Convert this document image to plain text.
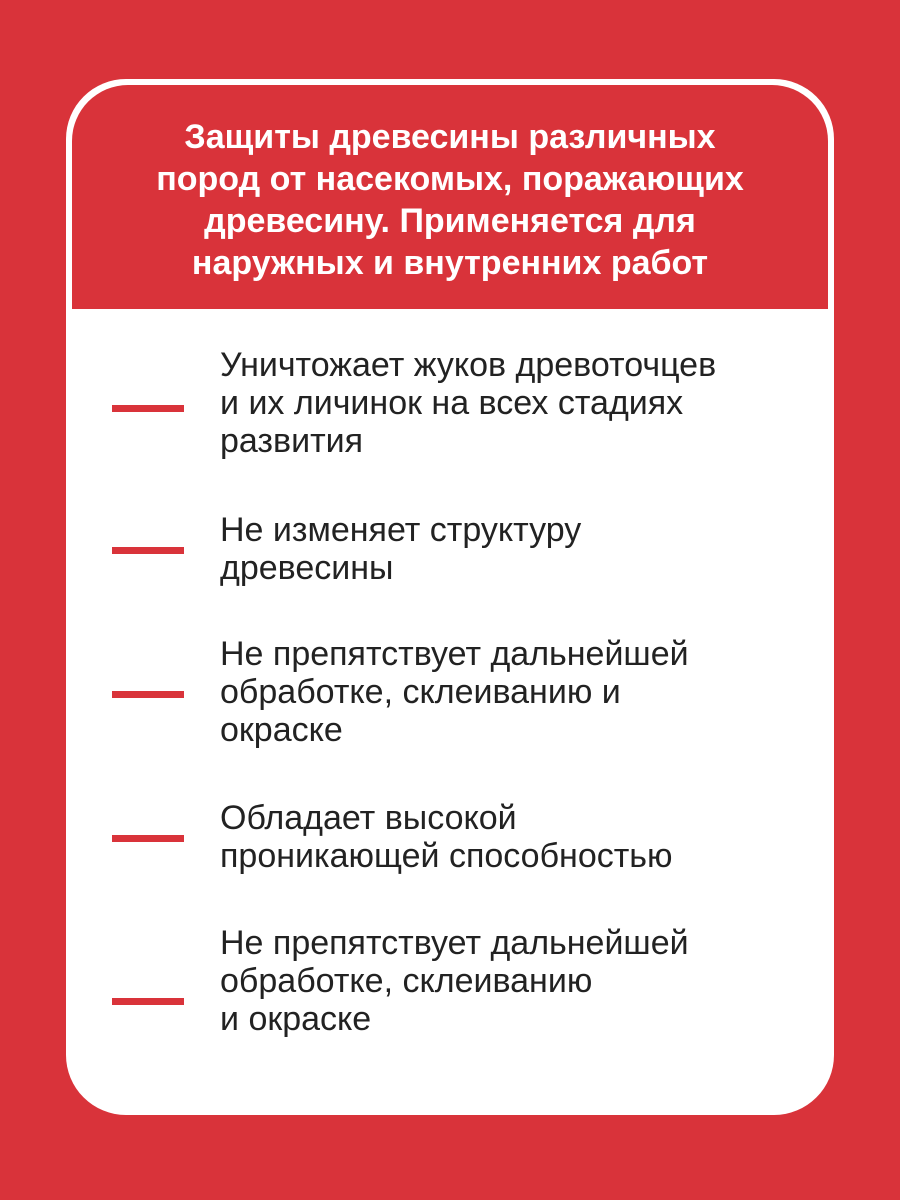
Защиты древесины различных
пород от насекомых, поражающих
древесину. Применяется для
наружных и внутренних работ
Уничтожает жуков древоточцев
и их личинок на всех стадиях
развития
Не изменяет структуру
древесины
Не препятствует дальнейшей
обработке, склеиванию и
окраске
Обладает высокой
проникающей способностью
Не препятствует дальнейшей
обработке, склеиванию
и окраске
